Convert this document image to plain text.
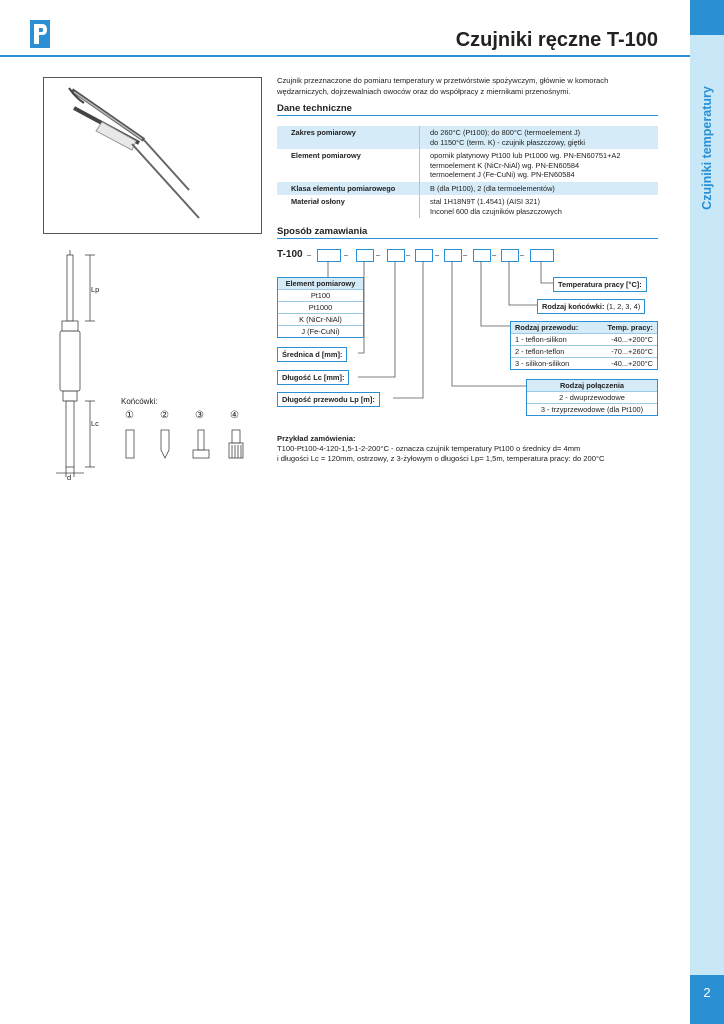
Czujniki ręczne T-100
Czujniki temperatury
2
Czujnik przeznaczone do pomiaru temperatury w przetwórstwie spożywczym, głównie w komorach wędzarniczych, dojrzewalniach owoców oraz do współpracy z miernikami przenośnymi.
Dane techniczne
Zakres pomiarowy	do 260°C (Pt100); do 800°C (termoelement J)
do 1150°C (term. K) - czujnik płaszczowy, giętki

Element pomiarowy	opornik platynowy Pt100 lub Pt1000 wg. PN-EN60751+A2
termoelement K (NiCr-NiAl) wg. PN-EN60584
termoelement J (Fe-CuNi) wg. PN-EN60584

Klasa elementu pomiarowego	B (dla Pt100), 2 (dla termoelementów)

Materiał osłony	stal 1H18N9T (1.4541) (AISI 321)
Inconel 600 dla czujników płaszczowych
Sposób zamawiania
T-100 –	–	–	–	–	–	–	–
Element pomiarowy
Pt100
Pt1000
K (NiCr-NiAl)
J (Fe-CuNi)
Średnica d [mm]:
Długość Lc [mm]:
Długość przewodu Lp [m]:
Temperatura pracy [°C]:
Rodzaj końcówki: (1, 2, 3, 4)
Rodzaj przewodu:	Temp. pracy:
1 - teflon-silikon	-40...+200°C
2 - teflon-teflon	-70...+260°C
3 - silikon-silikon	-40...+200°C
Rodzaj połączenia
2 - dwuprzewodowe
3 - trzyprzewodowe (dla Pt100)
Lp
Lc
d
Końcówki:
①	②	③	④
Przykład zamówienia:
T100-Pt100-4-120-1,5-1-2-200°C - oznacza czujnik temperatury Pt100 o średnicy d= 4mm
i długości Lc = 120mm, ostrzowy, z 3-żyłowym o długości Lp= 1,5m, temperatura pracy: do 200°C
